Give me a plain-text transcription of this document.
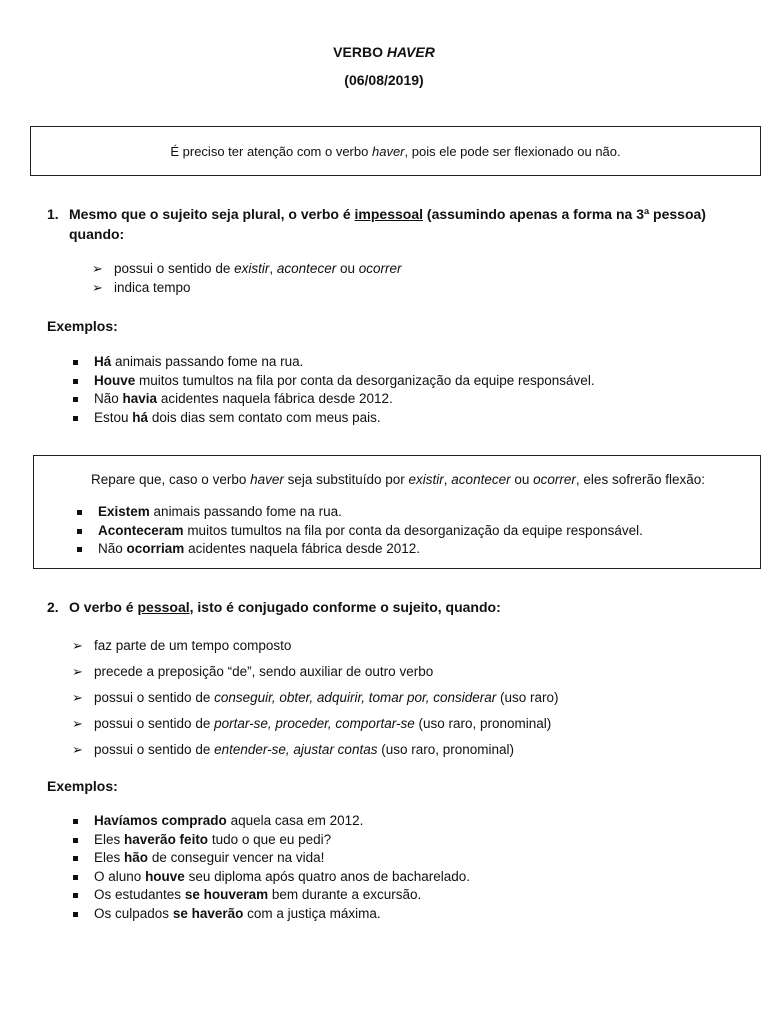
VERBO HAVER
(06/08/2019)
É preciso ter atenção com o verbo haver, pois ele pode ser flexionado ou não.
1. Mesmo que o sujeito seja plural, o verbo é impessoal (assumindo apenas a forma na 3ª pessoa) quando:
➢ possui o sentido de existir, acontecer ou ocorrer
➢ indica tempo
Exemplos:
Há animais passando fome na rua.
Houve muitos tumultos na fila por conta da desorganização da equipe responsável.
Não havia acidentes naquela fábrica desde 2012.
Estou há dois dias sem contato com meus pais.
Repare que, caso o verbo haver seja substituído por existir, acontecer ou ocorrer, eles sofrerão flexão:
Existem animais passando fome na rua.
Aconteceram muitos tumultos na fila por conta da desorganização da equipe responsável.
Não ocorriam acidentes naquela fábrica desde 2012.
2. O verbo é pessoal, isto é conjugado conforme o sujeito, quando:
➢ faz parte de um tempo composto
➢ precede a preposição “de”, sendo auxiliar de outro verbo
➢ possui o sentido de conseguir, obter, adquirir, tomar por, considerar (uso raro)
➢ possui o sentido de portar-se, proceder, comportar-se (uso raro, pronominal)
➢ possui o sentido de entender-se, ajustar contas (uso raro, pronominal)
Exemplos:
Havíamos comprado aquela casa em 2012.
Eles haverão feito tudo o que eu pedi?
Eles hão de conseguir vencer na vida!
O aluno houve seu diploma após quatro anos de bacharelado.
Os estudantes se houveram bem durante a excursão.
Os culpados se haverão com a justiça máxima.
